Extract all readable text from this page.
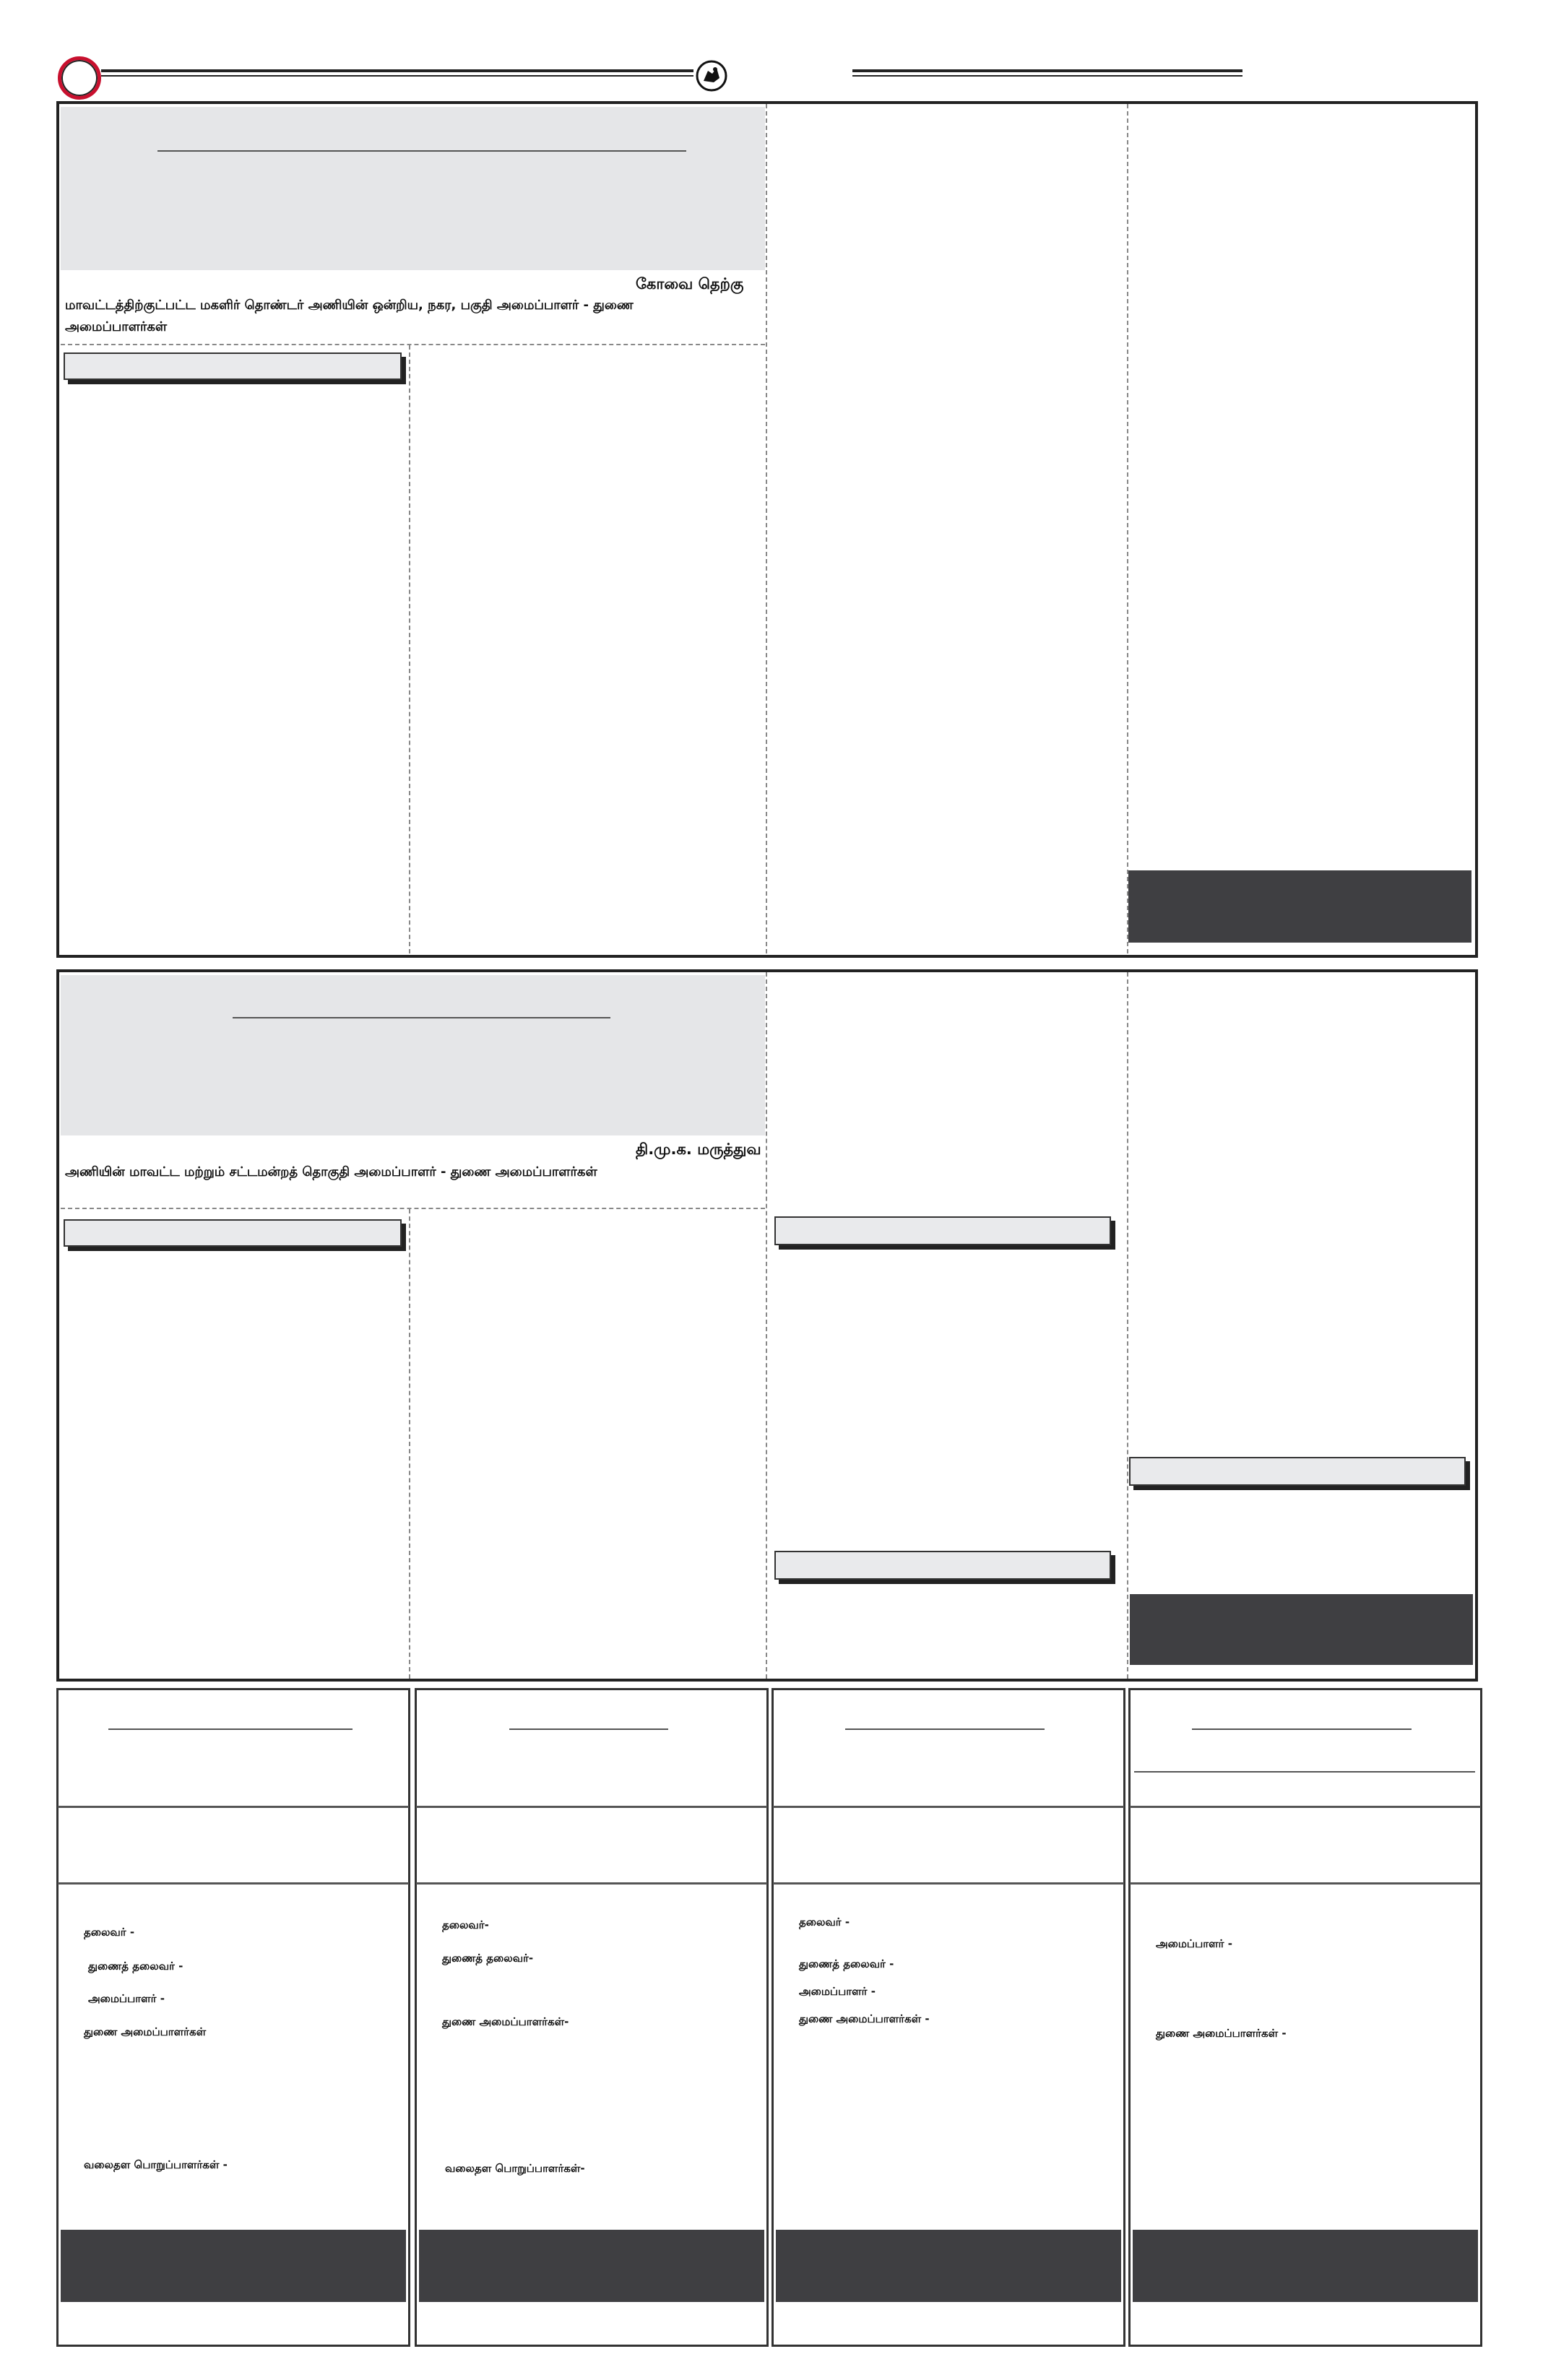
கோவை தெற்கு
மாவட்டத்திற்குட்பட்ட மகளிர் தொண்டர் அணியின் ஒன்றிய, நகர, பகுதி அமைப்பாளர் - துணை
அமைப்பாளர்கள்
தி.மு.க. மருத்துவ
அணியின் மாவட்ட மற்றும் சட்டமன்றத் தொகுதி அமைப்பாளர் - துணை அமைப்பாளர்கள்
தலைவர் -
துணைத் தலைவர் -
அமைப்பாளர் -
துணை அமைப்பாளர்கள்
வலைதள பொறுப்பாளர்கள் -
தலைவர்-
துணைத் தலைவர்-
துணை அமைப்பாளர்கள்-
வலைதள பொறுப்பாளர்கள்-
தலைவர் -
துணைத் தலைவர் -
அமைப்பாளர் -
துணை அமைப்பாளர்கள் -
அமைப்பாளர் -
துணை அமைப்பாளர்கள் -
